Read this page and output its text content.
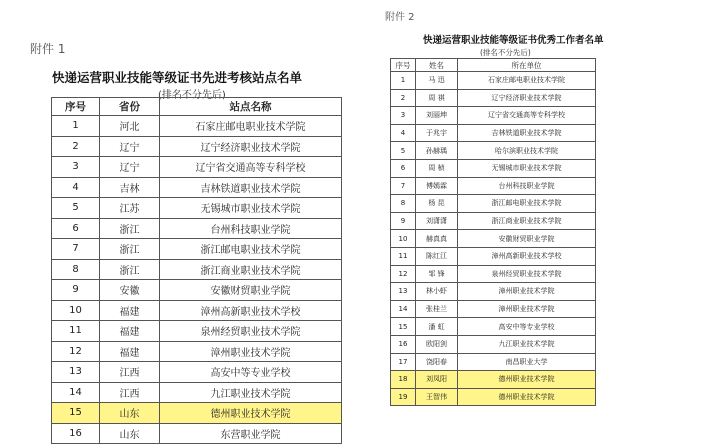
附件 1
快递运营职业技能等级证书先进考核站点名单
(排名不分先后)
序号	省份	站点名称
1	河北	石家庄邮电职业技术学院
2	辽宁	辽宁经济职业技术学院
3	辽宁	辽宁省交通高等专科学校
4	吉林	吉林铁道职业技术学院
5	江苏	无锡城市职业技术学院
6	浙江	台州科技职业学院
7	浙江	浙江邮电职业技术学院
8	浙江	浙江商业职业技术学院
9	安徽	安徽财贸职业学院
10	福建	漳州高新职业技术学校
11	福建	泉州经贸职业技术学院
12	福建	漳州职业技术学院
13	江西	高安中等专业学校
14	江西	九江职业技术学院
15	山东	德州职业技术学院
16	山东	东营职业学院
附件 2
快递运营职业技能等级证书优秀工作者名单
(排名不分先后)
序号	姓名	所在单位
1	马 迅	石家庄邮电职业技术学院
2	周 祺	辽宁经济职业技术学院
3	刘丽坤	辽宁省交通高等专科学校
4	于兆宇	吉林铁道职业技术学院
5	孙赫瑀	哈尔滨职业技术学院
6	周 桢	无锡城市职业技术学院
7	傅嫣霖	台州科技职业学院
8	杨 昆	浙江邮电职业技术学院
9	刘潇潇	浙江商业职业技术学院
10	赫真真	安徽财贸职业学院
11	陈红江	漳州高新职业技术学校
12	邹 锋	泉州经贸职业技术学院
13	林小虾	漳州职业技术学院
14	张桂兰	漳州职业技术学院
15	潘 虹	高安中等专业学校
16	欧阳剑	九江职业技术学院
17	饶阳春	南昌职业大学
18	刘凤阳	德州职业技术学院
19	王智伟	德州职业技术学院
